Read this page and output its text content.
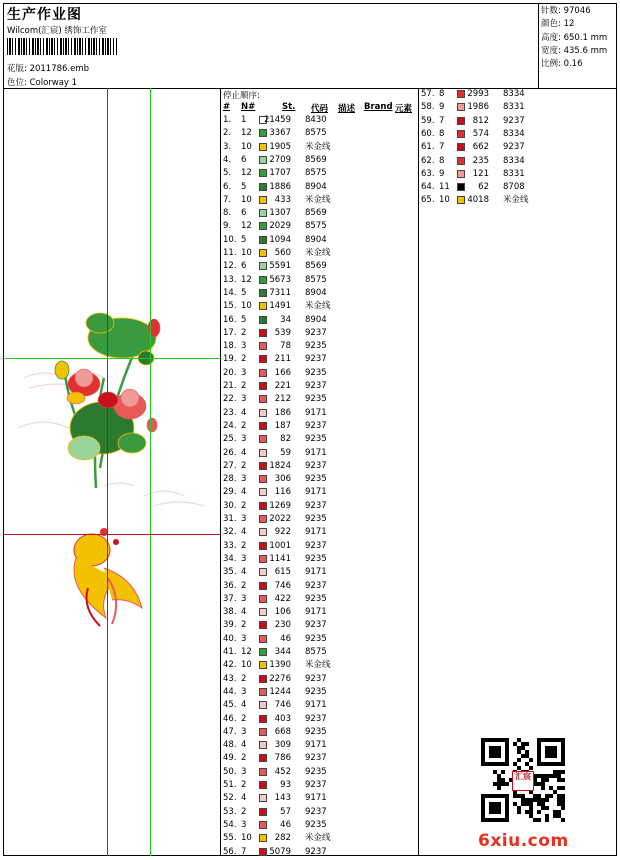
生产作业图
Wilcom(汇宸) 绣饰工作室
花版: 2011786.emb
色位: Colorway 1
针数: 97046
颜色: 12
高度: 650.1 mm
宽度: 435.6 mm
比例: 0.16
停止顺序:
# N#	St. 代码 描述 Brand 元素
1. 1	21459 8430
2. 12	3367 8575
3. 10	1905 米金线
4. 6	2709 8569
5. 12	1707 8575
6. 5	1886 8904
7. 10	433 米金线
8. 6	1307 8569
9. 12	2029 8575
10. 5	1094 8904
11. 10	560 米金线
12. 6	5591 8569
13. 12	5673 8575
14. 5	7311 8904
15. 10	1491 米金线
16. 5	34 8904
17. 2	539 9237
18. 3	78 9235
19. 2	211 9237
20. 3	166 9235
21. 2	221 9237
22. 3	212 9235
23. 4	186 9171
24. 2	187 9237
25. 3	82 9235
26. 4	59 9171
27. 2	1824 9237
28. 3	306 9235
29. 4	116 9171
30. 2	1269 9237
31. 3	2022 9235
32. 4	922 9171
33. 2	1001 9237
34. 3	1141 9235
35. 4	615 9171
36. 2	746 9237
37. 3	422 9235
38. 4	106 9171
39. 2	230 9237
40. 3	46 9235
41. 12	344 8575
42. 10	1390 米金线
43. 2	2276 9237
44. 3	1244 9235
45. 4	746 9171
46. 2	403 9237
47. 3	668 9235
48. 4	309 9171
49. 2	786 9237
50. 3	452 9235
51. 2	93 9237
52. 4	143 9171
53. 2	57 9237
54. 3	46 9235
55. 10	282 米金线
56. 7	5079 9237
57. 8	2993 8334
58. 9	1986 8331
59. 7	812 9237
60. 8	574 8334
61. 7	662 9237
62. 8	235 8334
63. 9	121 8331
64. 11	62 8708
65. 10	4018 米金线
汇宸
6xiu.com
